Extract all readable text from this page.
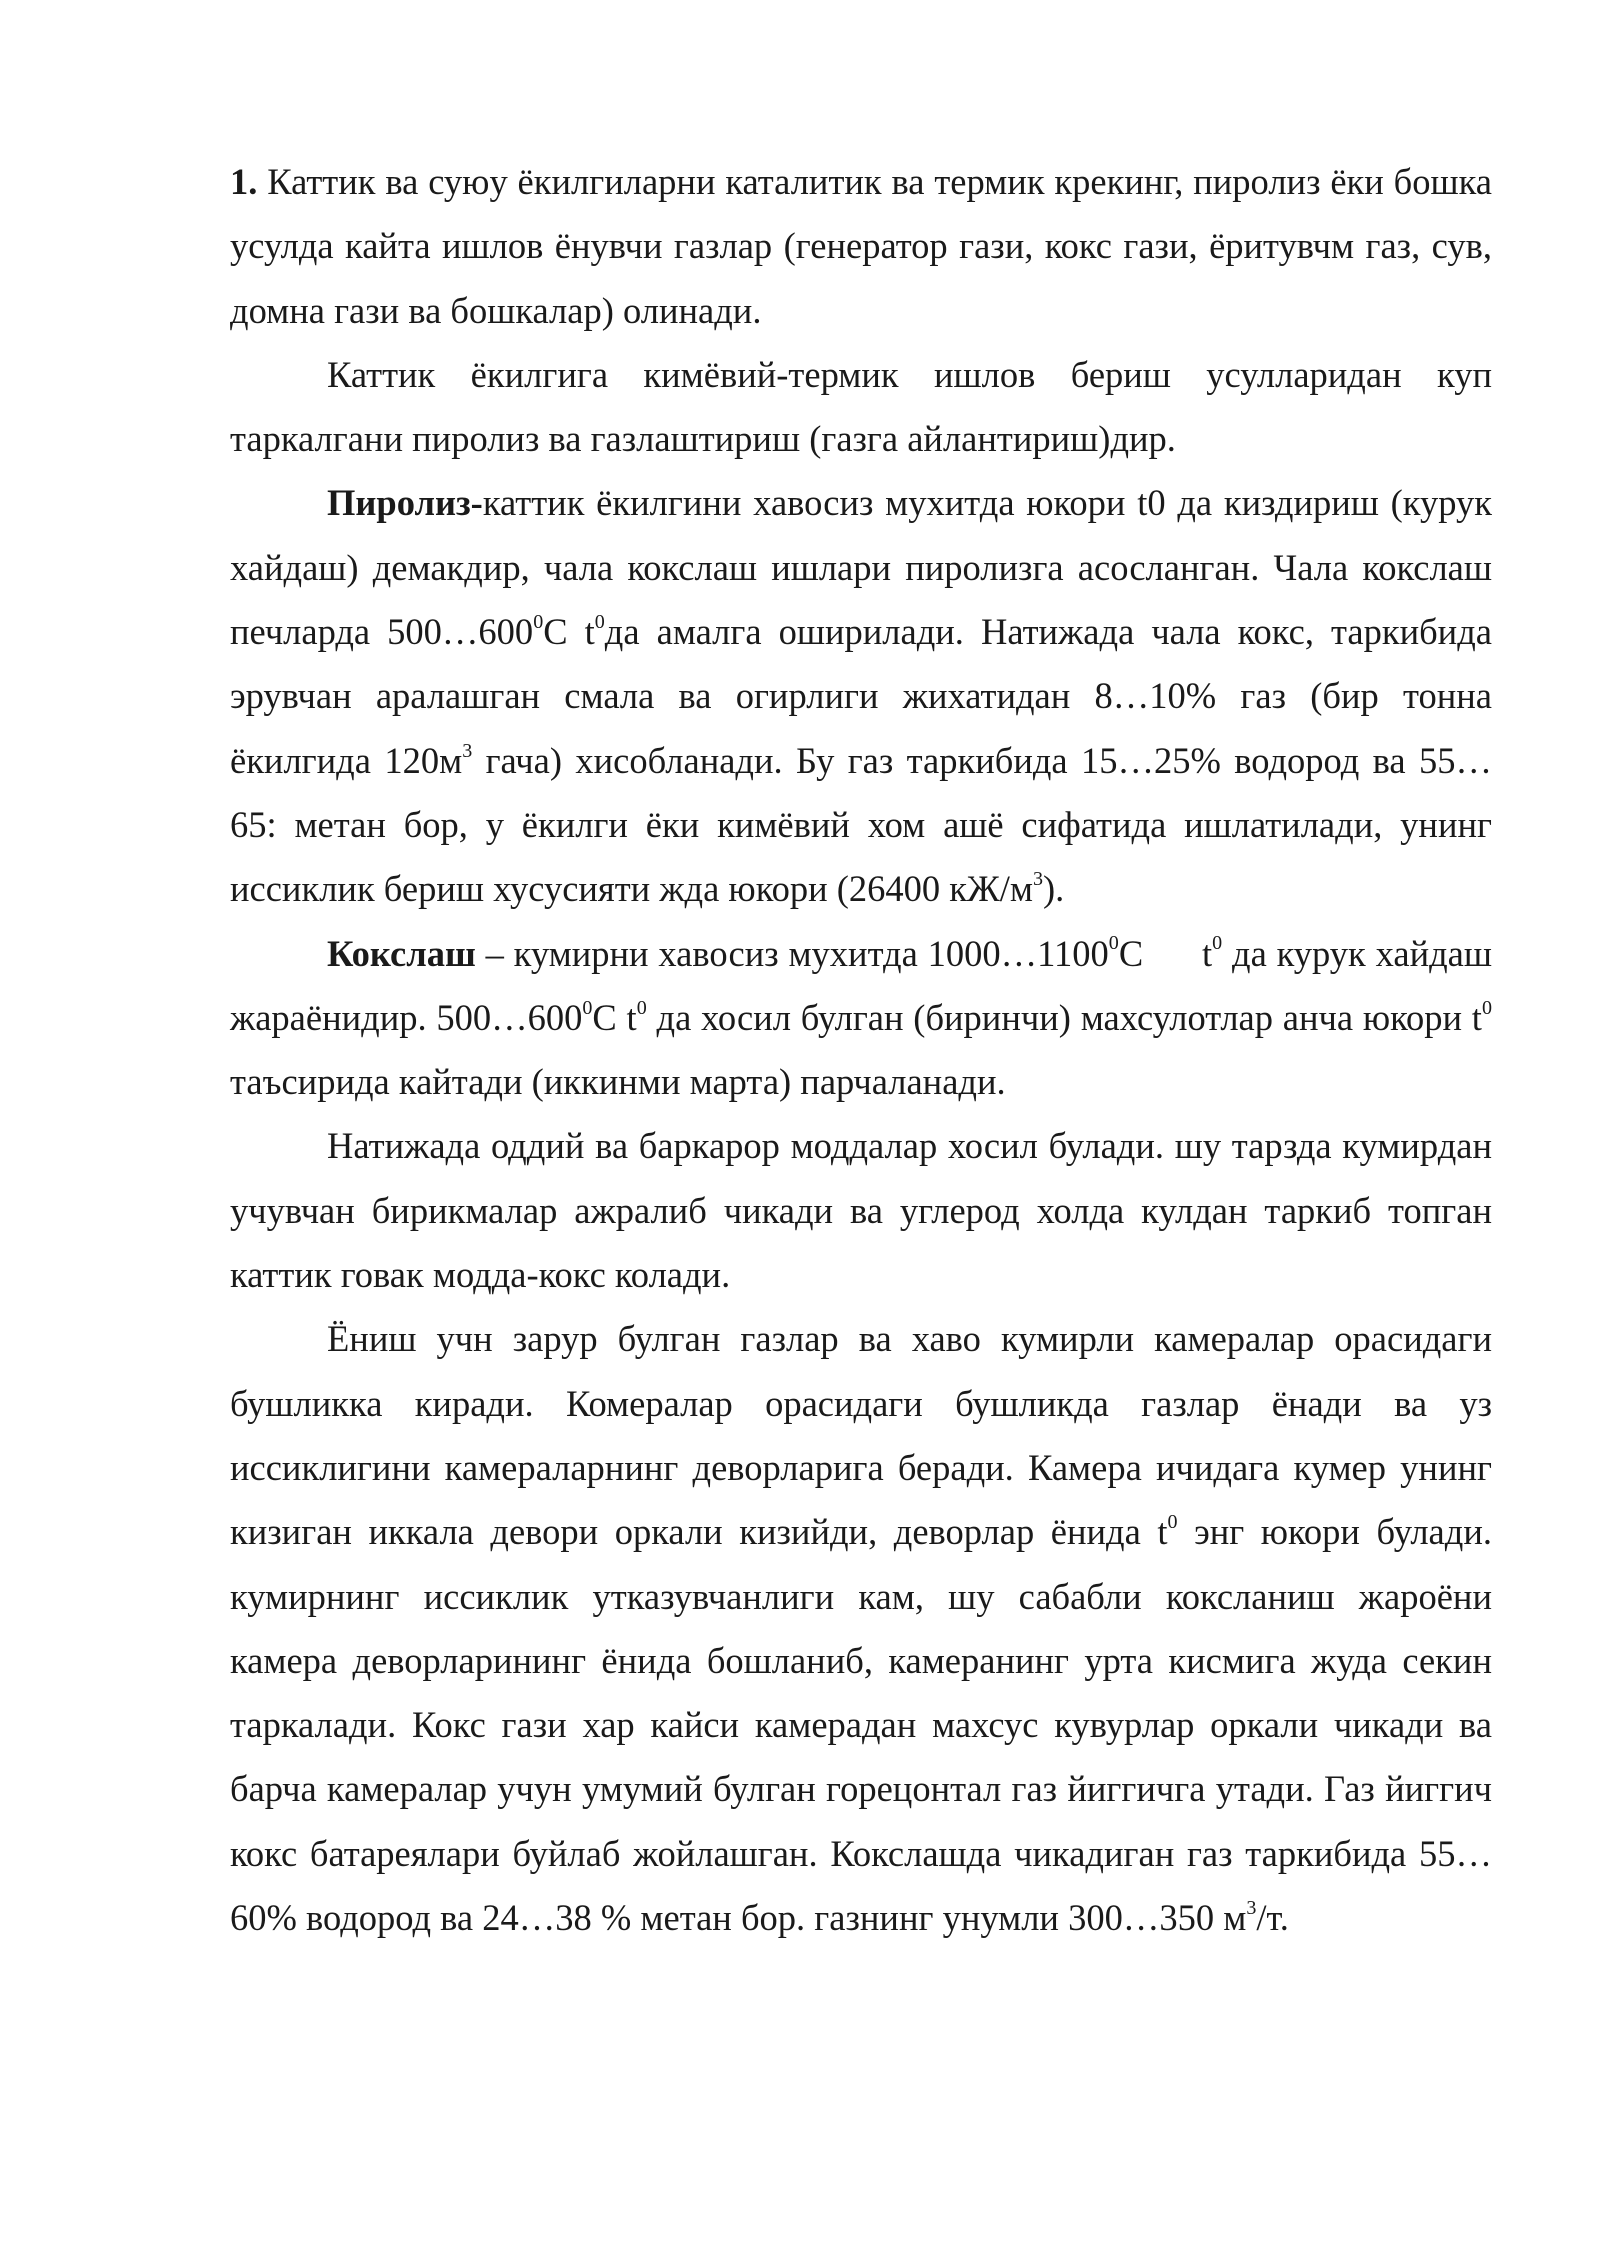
1. Каттик ва суюу ёкилгиларни каталитик ва термик крекинг, пиролиз ёки бошка усулда кайта ишлов ёнувчи газлар (генератор гази, кокс гази, ёритувчм газ, сув, домна гази ва бошкалар) олинади.

Каттик ёкилгига кимёвий-термик ишлов бериш усулларидан куп таркалгани пиролиз ва газлаштириш (газга айлантириш)дир.

Пиролиз-каттик ёкилгини хавосиз мухитда юкори t0 да киздириш (курук хайдаш) демакдир, чала кокслаш ишлари пиролизга асосланган. Чала кокслаш печларда $500\dots 600^0С$ $t^0да$ амалга оширилади. Натижада чала кокс, таркибида эрувчан аралашган смала ва огирлиги жихатидан 8…10% газ (бир тонна ёкилгида $120м^3$ гача) хисобланади. Бу газ таркибида 15…25% водород ва 55…65: метан бор, у ёкилги ёки кимёвий хом ашё сифатида ишлатилади, унинг иссиклик бериш хусусияти жда юкори (26400 $кЖ/м^3$).

Кокслаш – кумирни хавосиз мухитда 1000…1100$^0$С      $t^0$ да курук хайдаш жараёнидир. $500\dots 600^0С$ $t^0$ да хосил булган (биринчи) махсулотлар анча юкори $t^0$ таъсирида кайтади (иккинми марта) парчаланади.

Натижада оддий ва баркарор моддалар хосил булади. шу тарзда кумирдан учувчан бирикмалар ажралиб чикади ва углерод холда кулдан таркиб топган каттик говак модда-кокс колади.

Ёниш учн зарур булган газлар ва хаво кумирли камералар орасидаги бушликка киради. Комералар орасидаги бушликда газлар ёнади ва уз иссиклигини камераларнинг деворларига беради. Камера ичидага кумер унинг кизиган иккала девори оркали кизийди, деворлар ёнида $t^0$ энг юкори булади. кумирнинг иссиклик утказувчанлиги кам, шу сабабли коксланиш жароёни камера деворларининг ёнида бошланиб, камеранинг урта кисмига жуда секин таркалади. Кокс гази хар кайси камерадан махсус кувурлар оркали чикади ва барча камералар учун умумий булган горецонтал газ йиггичга утади. Газ йиггич кокс батареялари буйлаб жойлашган. Кокслашда чикадиган газ таркибида 55…60% водород ва 24…38 % метан бор. газнинг унумли 300…350 $м^3/т$.
